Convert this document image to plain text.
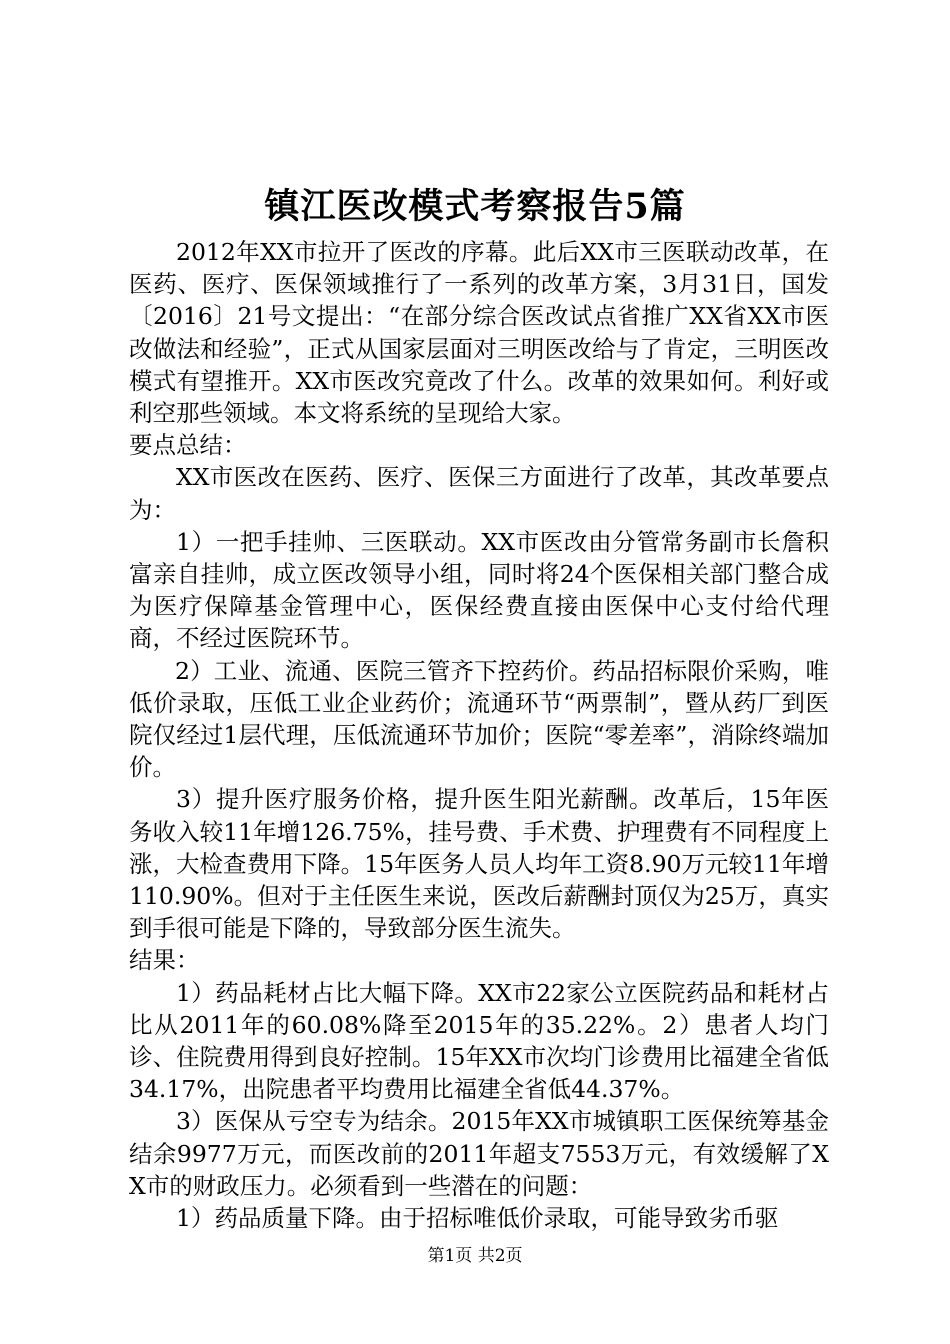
镇江医改模式考察报告5篇

2012年XX市拉开了医改的序幕。此后XX市三医联动改革，在医药、医疗、医保领域推行了一系列的改革方案，3月31日，国发〔2016〕21号文提出：“在部分综合医改试点省推广XX省XX市医改做法和经验”，正式从国家层面对三明医改给与了肯定，三明医改模式有望推开。XX市医改究竟改了什么。改革的效果如何。利好或利空那些领域。本文将系统的呈现给大家。

要点总结：

XX市医改在医药、医疗、医保三方面进行了改革，其改革要点为：

1）一把手挂帅、三医联动。XX市医改由分管常务副市长詹积富亲自挂帅，成立医改领导小组，同时将24个医保相关部门整合成为医疗保障基金管理中心，医保经费直接由医保中心支付给代理商，不经过医院环节。

2）工业、流通、医院三管齐下控药价。药品招标限价采购，唯低价录取，压低工业企业药价；流通环节“两票制”，暨从药厂到医院仅经过1层代理，压低流通环节加价；医院“零差率”，消除终端加价。

3）提升医疗服务价格，提升医生阳光薪酬。改革后，15年医务收入较11年增126.75%，挂号费、手术费、护理费有不同程度上涨，大检查费用下降。15年医务人员人均年工资8.90万元较11年增110.90%。但对于主任医生来说，医改后薪酬封顶仅为25万，真实到手很可能是下降的，导致部分医生流失。

结果：

1）药品耗材占比大幅下降。XX市22家公立医院药品和耗材占比从2011年的60.08%降至2015年的35.22%。2）患者人均门诊、住院费用得到良好控制。15年XX市次均门诊费用比福建全省低34.17%，出院患者平均费用比福建全省低44.37%。

3）医保从亏空专为结余。2015年XX市城镇职工医保统筹基金结余9977万元，而医改前的2011年超支7553万元，有效缓解了XX市的财政压力。必须看到一些潜在的问题：

1）药品质量下降。由于招标唯低价录取，可能导致劣币驱

第1页 共2页
